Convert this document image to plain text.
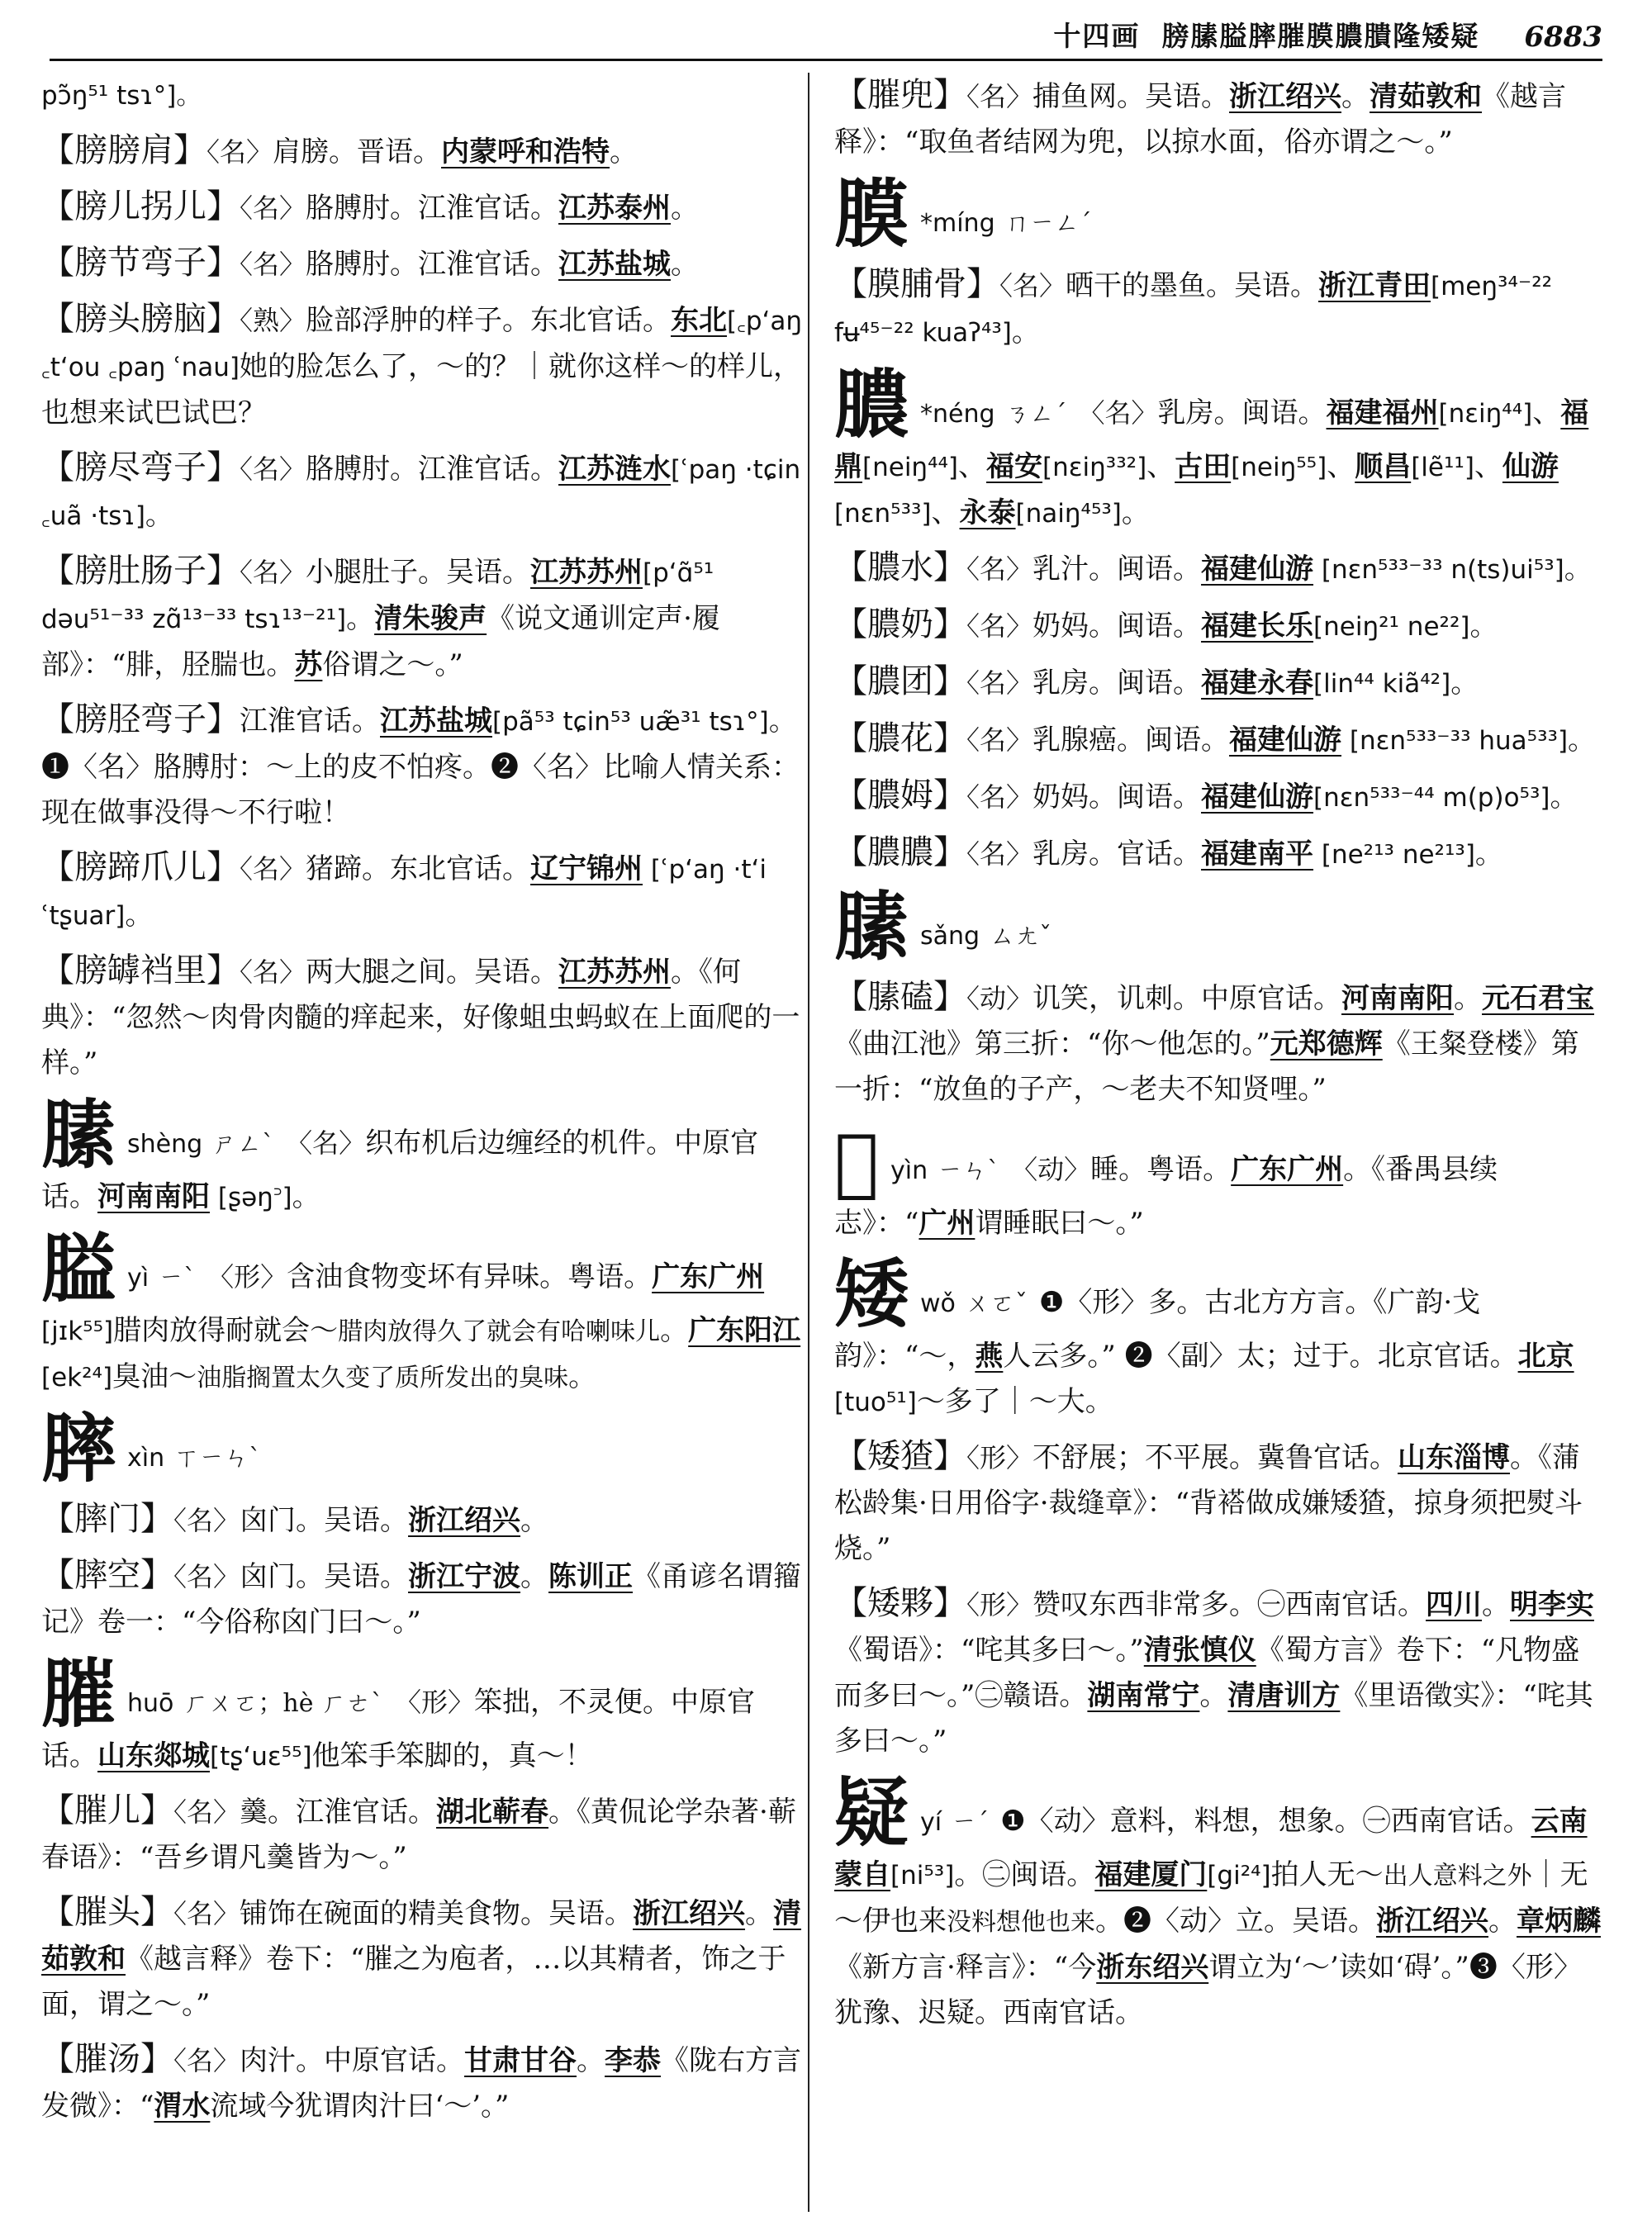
十四画 膀膆膉膟膗膜膿膭隆矮疑 6883
pɔ̃ŋ⁵¹ tsɿ°]。
【 膀膀肩 】 〈名〉肩膀。晋语。内蒙呼和浩特。
【 膀儿拐儿 】 〈名〉胳膊肘。江淮官话。江苏泰州。
【 膀节弯子 】 〈名〉胳膊肘。江淮官话。江苏盐城。
【 膀头膀脑 】 〈熟〉脸部浮肿的样子。东北官话。东北[꜀p‘aŋ ꜀t‘ou ꜀paŋ ʿnau]她的脸怎么了，～的？｜就你这样～的样儿，也想来试巴试巴？
【 膀尽弯子 】 〈名〉胳膊肘。江淮官话。江苏涟水[ʿpaŋ ·tɕin ꜀uã ·tsɿ]。
【 膀肚肠子 】 〈名〉小腿肚子。吴语。江苏苏州[p‘ɑ̃⁵¹ dəu⁵¹⁻³³ zɑ̃¹³⁻³³ tsɿ¹³⁻²¹]。清朱骏声《说文通训定声·履部》：“腓，胫腨也。苏俗谓之～。”
【 膀胫弯子 】 江淮官话。江苏盐城[pã⁵³ tɕin⁵³ uæ̃³¹ tsɿ°]。❶〈名〉胳膊肘：～上的皮不怕疼。❷〈名〉比喻人情关系：现在做事没得～不行啦！
【 膀蹄爪儿 】 〈名〉猪蹄。东北官话。辽宁锦州 [ʿp‘aŋ ·t‘i ʿtʂuar]。
【 膀罅裆里 】 〈名〉两大腿之间。吴语。江苏苏州。《何典》：“忽然～肉骨肉髓的痒起来，好像蛆虫蚂蚁在上面爬的一样。”
膆shèng ㄕㄥˋ 〈名〉织布机后边缠经的机件。中原官话。河南南阳 [ʂəŋ꜄]。
膉yì ㄧˋ 〈形〉含油食物变坏有异味。粤语。广东广州[jɪk⁵⁵]腊肉放得耐就会～腊肉放得久了就会有哈喇味儿。广东阳江 [ek²⁴]臭油～油脂搁置太久变了质所发出的臭味。
膟xìn ㄒㄧㄣˋ
【 膟门 】 〈名〉囟门。吴语。浙江绍兴。
【 膟空 】 〈名〉囟门。吴语。浙江宁波。陈训正《甬谚名谓籀记》卷一：“今俗称囟门曰～。”
膗huō ㄏㄨㄛ；hè ㄏㄜˋ 〈形〉笨拙，不灵便。中原官话。山东郯城[tʂ‘uɛ⁵⁵]他笨手笨脚的，真～！
【 膗儿 】 〈名〉羹。江淮官话。湖北蕲春。《黄侃论学杂著·蕲春语》：“吾乡谓凡羹皆为～。”
【 膗头 】 〈名〉铺饰在碗面的精美食物。吴语。浙江绍兴。清茹敦和《越言释》卷下：“膗之为庖者，…以其精者，饰之于面，谓之～。”
【 膗汤 】 〈名〉肉汁。中原官话。甘肃甘谷。李恭《陇右方言发微》：“渭水流域今犹谓肉汁曰‘～’。”
【 膗兜 】 〈名〉捕鱼网。吴语。浙江绍兴。清茹敦和《越言释》：“取鱼者结网为兜，以掠水面，俗亦谓之～。”
膜 *míng ㄇㄧㄥˊ
【 膜脯骨 】 〈名〉晒干的墨鱼。吴语。浙江青田[meŋ³⁴⁻²² fʉ⁴⁵⁻²² kuaʔ⁴³]。
膿 *néng ㄋㄥˊ 〈名〉乳房。闽语。福建福州[nɛiŋ⁴⁴]、福鼎[neiŋ⁴⁴]、福安[nɛiŋ³³²]、古田[neiŋ⁵⁵]、顺昌[lẽ¹¹]、仙游[nɛn⁵³³]、永泰[naiŋ⁴⁵³]。
【 膿水 】 〈名〉乳汁。闽语。福建仙游 [nɛn⁵³³⁻³³ n(ts)ui⁵³]。
【 膿奶 】 〈名〉奶妈。闽语。福建长乐[neiŋ²¹ ne²²]。
【 膿团 】 〈名〉乳房。闽语。福建永春[lin⁴⁴ kiã⁴²]。
【 膿花 】 〈名〉乳腺癌。闽语。福建仙游 [nɛn⁵³³⁻³³ hua⁵³³]。
【 膿姆 】 〈名〉奶妈。闽语。福建仙游[nɛn⁵³³⁻⁴⁴ m(p)o⁵³]。
【 膿膿 】 〈名〉乳房。官话。福建南平 [ne²¹³ ne²¹³]。
膆sǎng ㄙㄤˇ
【 膆磕 】 〈动〉讥笑，讥刺。中原官话。河南南阳。元石君宝《曲江池》第三折：“你～他怎的。”元郑德辉《王粲登楼》第一折：“放鱼的子产，～老夫不知贤哩。”
𦞑yìn ㄧㄣˋ 〈动〉睡。粤语。广东广州。《番禺县续志》：“广州谓睡眠曰～。”
矮wǒ ㄨㄛˇ ❶〈形〉多。古北方方言。《广韵·戈韵》：“～，燕人云多。” ❷〈副〉太；过于。北京官话。北京[tuo⁵¹]～多了｜～大。
【 矮猹 】 〈形〉不舒展；不平展。冀鲁官话。山东淄博。《蒲松龄集·日用俗字·裁缝章》：“背褡做成嫌矮猹，掠身须把熨斗烧。”
【 矮夥 】 〈形〉赞叹东西非常多。㊀西南官话。四川。明李实《蜀语》：“咤其多曰～。”清张慎仪《蜀方言》卷下：“凡物盛而多曰～。”㊁赣语。湖南常宁。清唐训方《里语徵实》：“咤其多曰～。”
疑yí ㄧˊ ❶〈动〉意料，料想，想象。㊀西南官话。云南蒙自[ni⁵³]。㊁闽语。福建厦门[gi²⁴]拍人无～出人意料之外｜无～伊也来没料想他也来。❷〈动〉立。吴语。浙江绍兴。章炳麟《新方言·释言》：“今浙东绍兴谓立为‘～’读如‘碍’。”❸〈形〉犹豫、迟疑。西南官话。
